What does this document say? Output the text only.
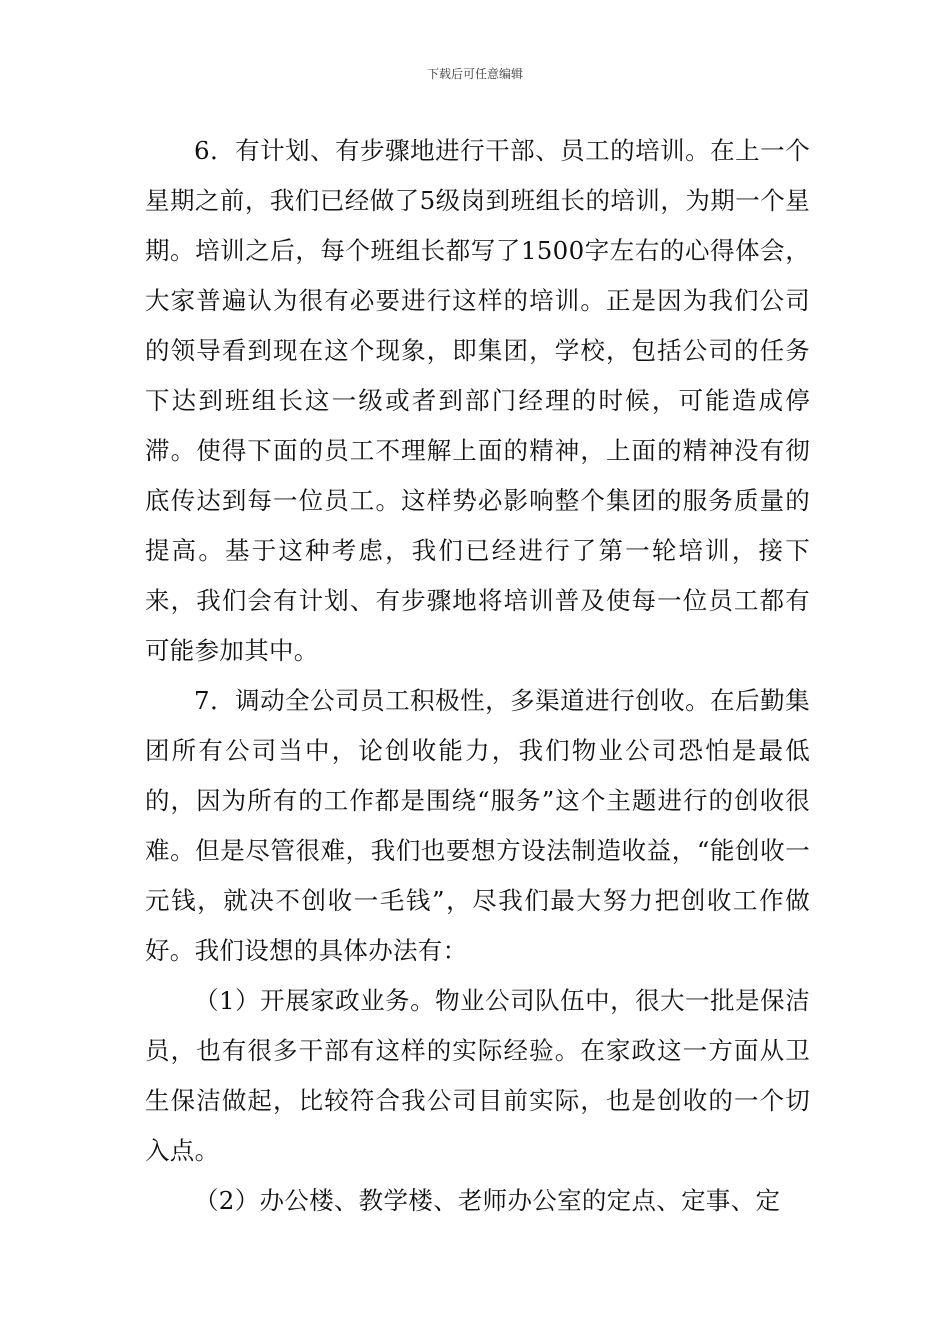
下载后可任意编辑

6．有计划、有步骤地进行干部、员工的培训。在上一个星期之前，我们已经做了5级岗到班组长的培训，为期一个星期。培训之后，每个班组长都写了1500字左右的心得体会，大家普遍认为很有必要进行这样的培训。正是因为我们公司的领导看到现在这个现象，即集团，学校，包括公司的任务下达到班组长这一级或者到部门经理的时候，可能造成停滞。使得下面的员工不理解上面的精神，上面的精神没有彻底传达到每一位员工。这样势必影响整个集团的服务质量的提高。基于这种考虑，我们已经进行了第一轮培训，接下来，我们会有计划、有步骤地将培训普及使每一位员工都有可能参加其中。

7．调动全公司员工积极性，多渠道进行创收。在后勤集团所有公司当中，论创收能力，我们物业公司恐怕是最低的，因为所有的工作都是围绕“服务”这个主题进行的创收很难。但是尽管很难，我们也要想方设法制造收益，“能创收一元钱，就决不创收一毛钱”，尽我们最大努力把创收工作做好。我们设想的具体办法有：

（1）开展家政业务。物业公司队伍中，很大一批是保洁员，也有很多干部有这样的实际经验。在家政这一方面从卫生保洁做起，比较符合我公司目前实际，也是创收的一个切入点。

（2）办公楼、教学楼、老师办公室的定点、定事、定
